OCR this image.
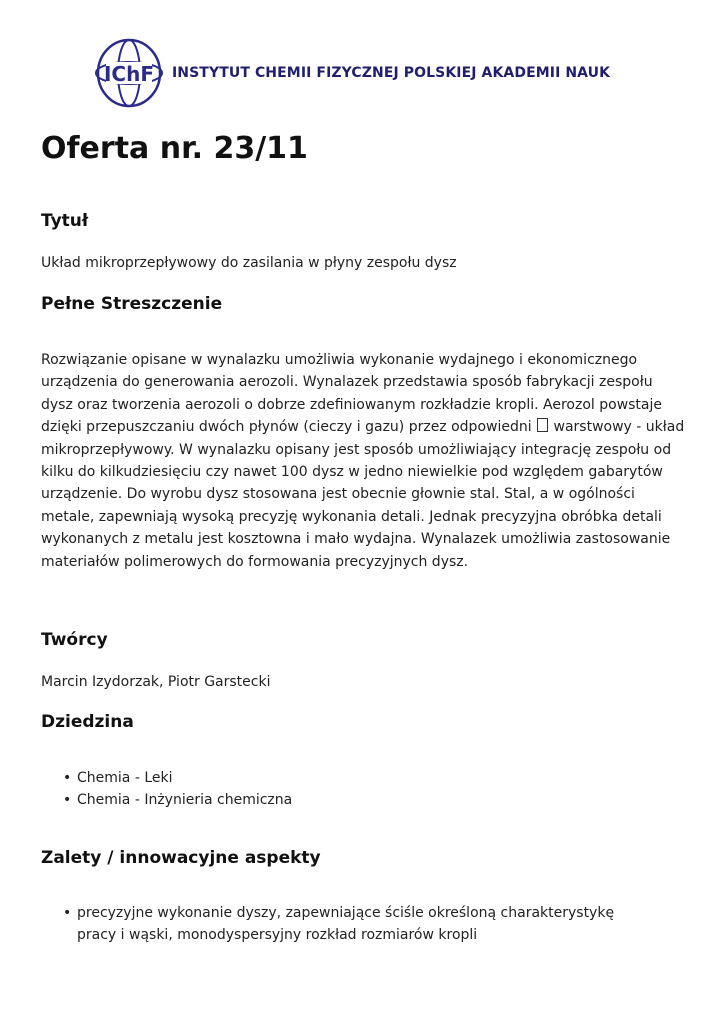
IChF INSTYTUT CHEMII FIZYCZNEJ POLSKIEJ AKADEMII NAUK
Oferta nr. 23/11
Tytuł

Układ mikroprzepływowy do zasilania w płyny zespołu dysz

Pełne Streszczenie

Rozwiązanie opisane w wynalazku umożliwia wykonanie wydajnego i ekonomicznego urządzenia do generowania aerozoli. Wynalazek przedstawia sposób fabrykacji zespołu dysz oraz tworzenia aerozoli o dobrze zdefiniowanym rozkładzie kropli. Aerozol powstaje dzięki przepuszczaniu dwóch płynów (cieczy i gazu) przez odpowiedni  warstwowy - układ mikroprzepływowy. W wynalazku opisany jest sposób umożliwiający integrację zespołu od kilku do kilkudziesięciu czy nawet 100 dysz w jedno niewielkie pod względem gabarytów urządzenie. Do wyrobu dysz stosowana jest obecnie głownie stal. Stal, a w ogólności metale, zapewniają wysoką precyzję wykonania detali. Jednak precyzyjna obróbka detali wykonanych z metalu jest kosztowna i mało wydajna. Wynalazek umożliwia zastosowanie materiałów polimerowych do formowania precyzyjnych dysz.

Twórcy

Marcin Izydorzak, Piotr Garstecki

Dziedzina
• Chemia - Leki
• Chemia - Inżynieria chemiczna
Zalety / innowacyjne aspekty
• precyzyjne wykonanie dyszy, zapewniające ściśle określoną charakterystykę pracy i wąski, monodyspersyjny rozkład rozmiarów kropli
